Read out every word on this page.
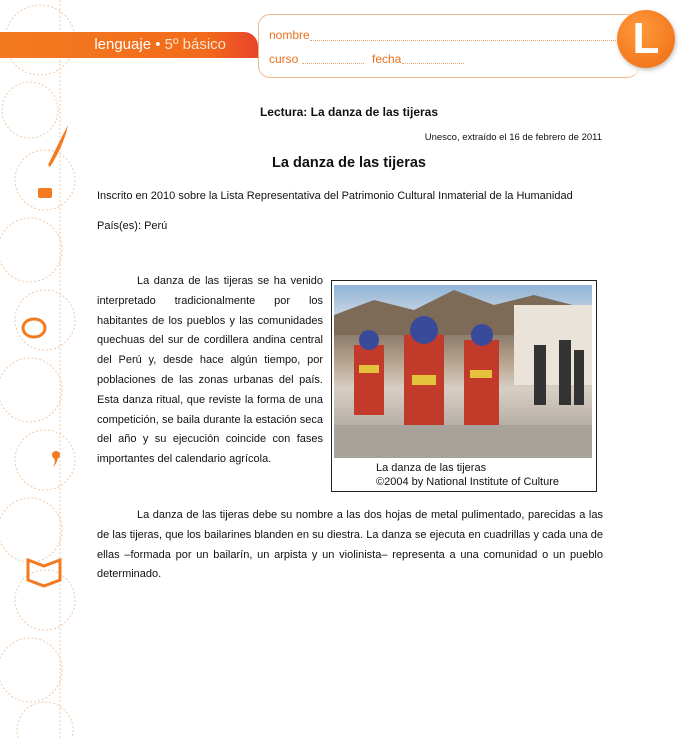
lenguaje • 5º básico
nombre
curso	fecha	L
Lectura: La danza de las tijeras
Unesco, extraído el 16 de febrero de 2011
La danza de las tijeras
Inscrito en 2010 sobre la Lista Representativa del Patrimonio Cultural Inmaterial de la Humanidad
País(es): Perú
La danza de las tijeras se ha venido interpretado tradicionalmente por los habitantes de los pueblos y las comunidades quechuas del sur de cordillera andina central del Perú y, desde hace algún tiempo, por poblaciones de las zonas urbanas del país. Esta danza ritual, que reviste la forma de una competición, se baila durante la estación seca del año y su ejecución coincide con fases importantes del calendario agrícola.
La danza de las tijeras
©2004 by National Institute of Culture
La danza de las tijeras debe su nombre a las dos hojas de metal pulimentado, parecidas a las de las tijeras, que los bailarines blanden en su diestra. La danza se ejecuta en cuadrillas y cada una de ellas –formada por un bailarín, un arpista y un violinista– representa a una comunidad o un pueblo determinado.
